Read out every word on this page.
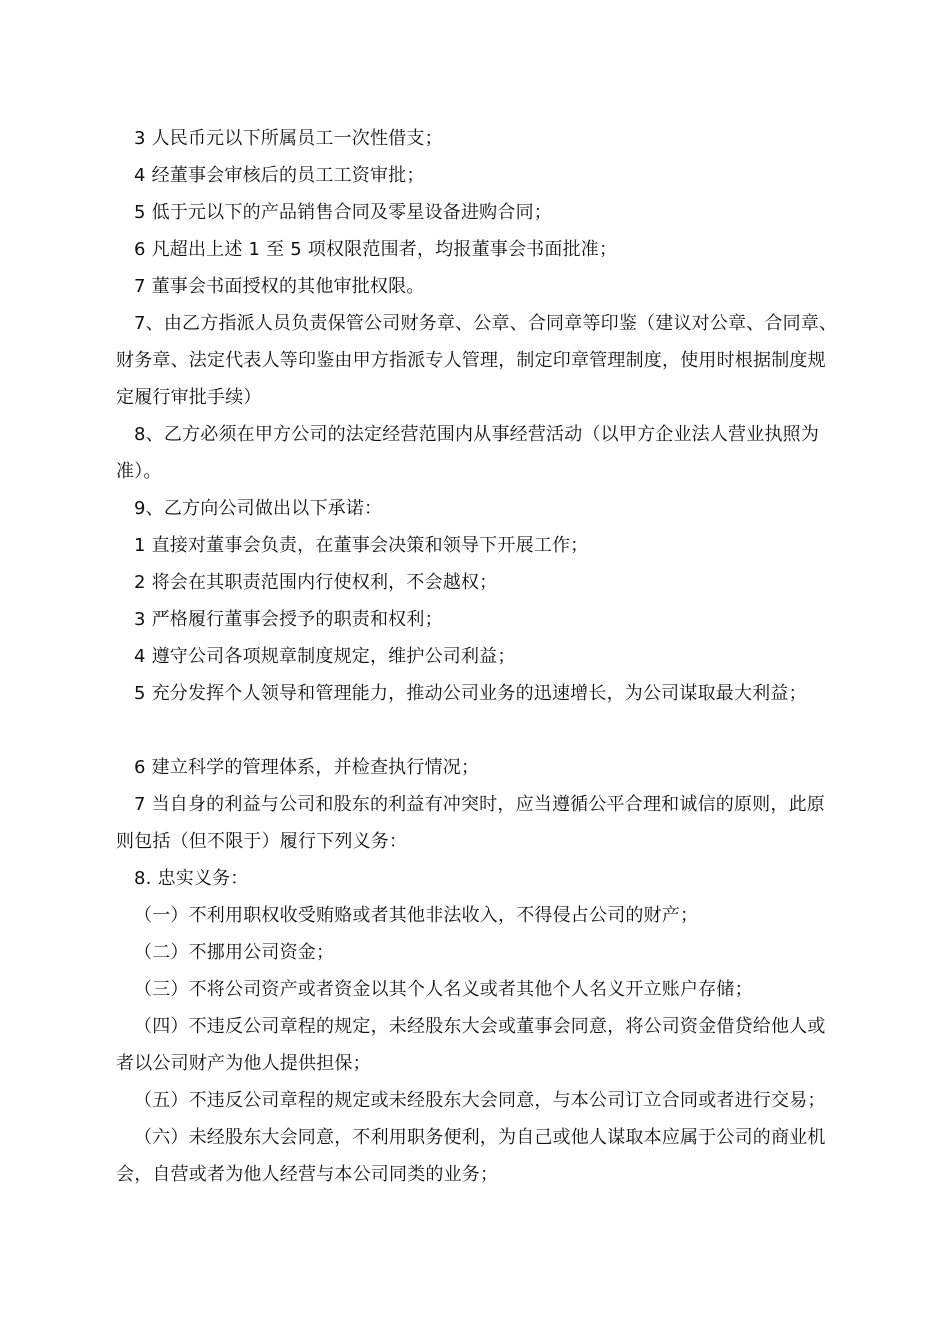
3 人民币元以下所属员工一次性借支；

4 经董事会审核后的员工工资审批；

5 低于元以下的产品销售合同及零星设备进购合同；

6 凡超出上述 1 至 5 项权限范围者，均报董事会书面批准；

7 董事会书面授权的其他审批权限。

7、由乙方指派人员负责保管公司财务章、公章、合同章等印鉴（建议对公章、合同章、财务章、法定代表人等印鉴由甲方指派专人管理，制定印章管理制度，使用时根据制度规定履行审批手续）

8、乙方必须在甲方公司的法定经营范围内从事经营活动（以甲方企业法人营业执照为准）。

9、乙方向公司做出以下承诺：

1 直接对董事会负责，在董事会决策和领导下开展工作；

2 将会在其职责范围内行使权利，不会越权；

3 严格履行董事会授予的职责和权利；

4 遵守公司各项规章制度规定，维护公司利益；

5 充分发挥个人领导和管理能力，推动公司业务的迅速增长，为公司谋取最大利益；

6 建立科学的管理体系，并检查执行情况；

7 当自身的利益与公司和股东的利益有冲突时，应当遵循公平合理和诚信的原则，此原则包括（但不限于）履行下列义务：

8. 忠实义务：

（一）不利用职权收受贿赂或者其他非法收入，不得侵占公司的财产；

（二）不挪用公司资金；

（三）不将公司资产或者资金以其个人名义或者其他个人名义开立账户存储；

（四）不违反公司章程的规定，未经股东大会或董事会同意，将公司资金借贷给他人或者以公司财产为他人提供担保；

（五）不违反公司章程的规定或未经股东大会同意，与本公司订立合同或者进行交易；

（六）未经股东大会同意，不利用职务便利，为自己或他人谋取本应属于公司的商业机会，自营或者为他人经营与本公司同类的业务；
